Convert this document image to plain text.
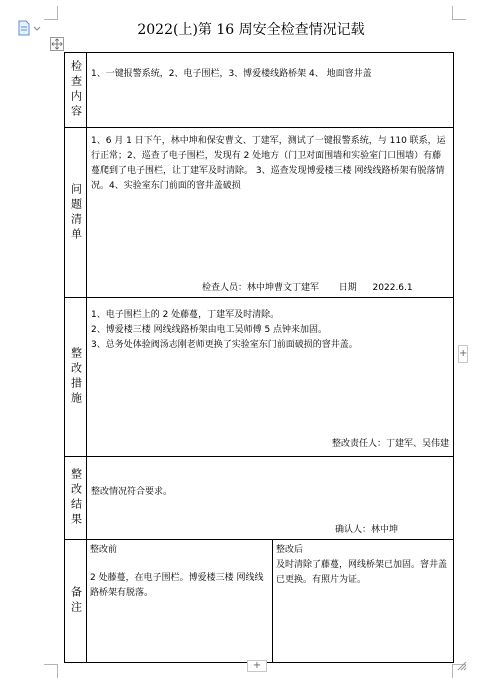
2022(上)第 16 周安全检查情况记载
检查内容 1、一键报警系统，2、电子围栏，3、博爱楼线路桥架 4、 地面窨井盖
问题清单
1、6 月 1 日下午，林中坤和保安曹文、丁建军，测试了一键报警系统，与 110 联系，运行正常；2、巡查了电子围栏，发现有 2 处地方（门卫对面围墙和实验室门口围墙）有藤蔓爬到了电子围栏，让丁建军及时清除。 3、巡查发现博爱楼三楼 网线线路桥架有脱落情况。4、实验室东门前面的窨井盖破损
检查人员：林中坤曹文丁建军 日期 2022.6.1
整改措施
1、电子围栏上的 2 处藤蔓，丁建军及时清除。
2、博爱楼三楼 网线线路桥架由电工吴师傅 5 点钟来加固。
3、总务处体验阀汤志刚老师更换了实验室东门前面破损的窨井盖。
整改责任人：丁建军、吴伟建
整改结果 整改情况符合要求。
确认人：林中坤
备注
整改前
2 处藤蔓，在电子围栏。博爱楼三楼 网线线路桥架有脱落。
整改后
及时清除了藤蔓，网线桥架已加固。窨井盖已更换。有照片为证。
+
+
